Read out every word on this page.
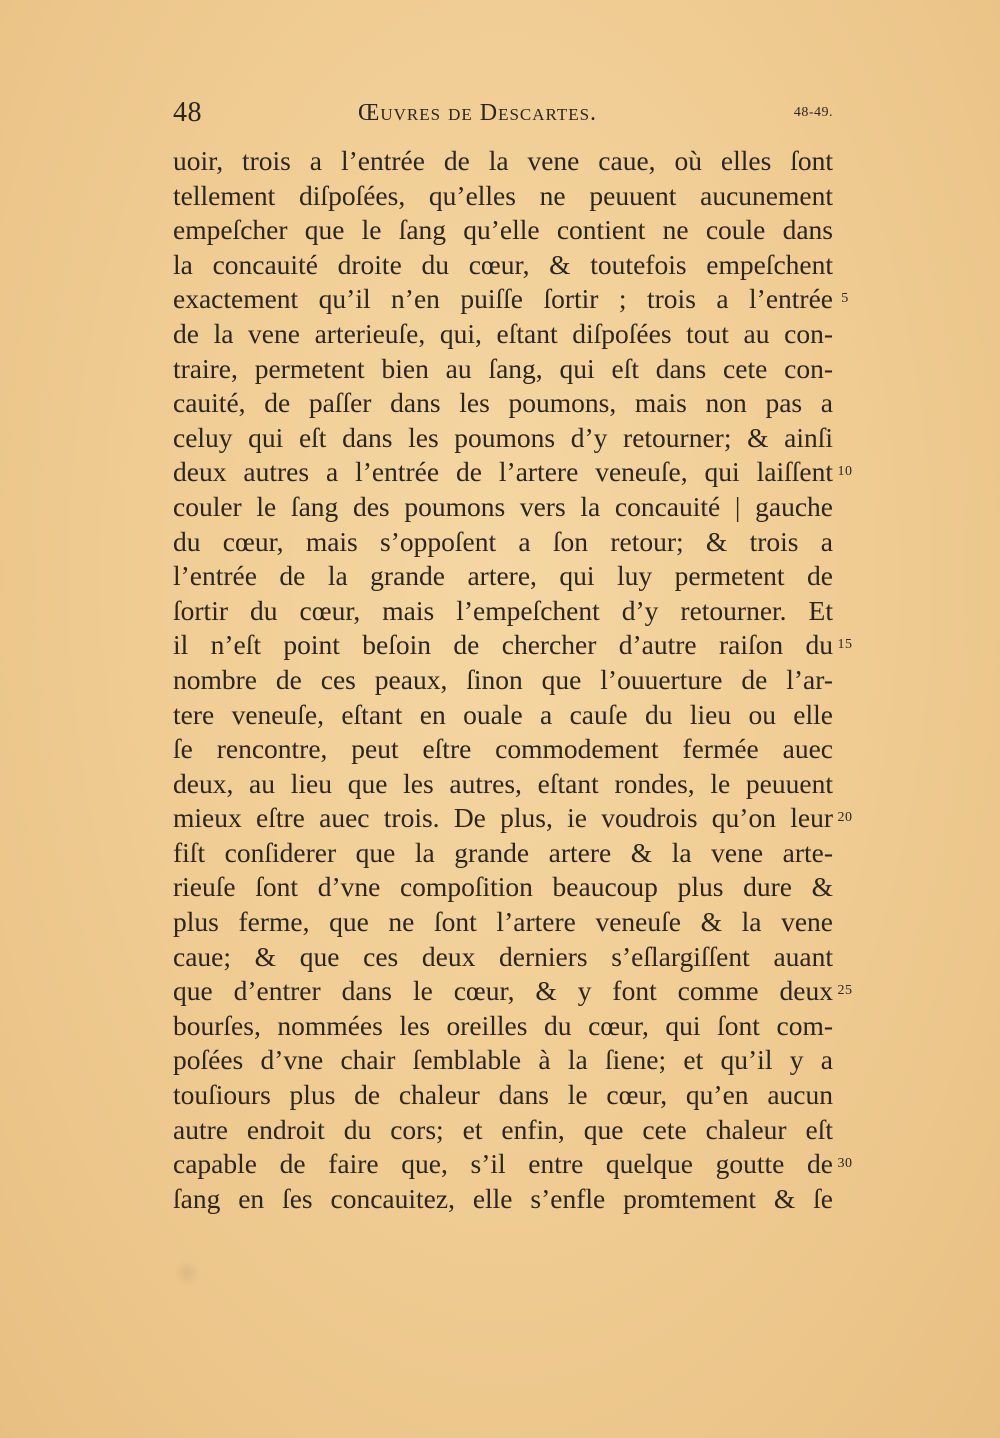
48	Œuvres de Descartes.	48-49.
uoir, trois a l’entrée de la vene caue, où elles ſont
tellement diſpoſées, qu’elles ne peuuent aucunement
empeſcher que le ſang qu’elle contient ne coule dans
la concauité droite du cœur, & toutefois empeſchent
exactement qu’il n’en puiſſe ſortir ; trois a l’entrée
de la vene arterieuſe, qui, eſtant diſpoſées tout au con-
traire, permetent bien au ſang, qui eſt dans cete con-
cauité, de paſſer dans les poumons, mais non pas a
celuy qui eſt dans les poumons d’y retourner; & ainſi
deux autres a l’entrée de l’artere veneuſe, qui laiſſent
couler le ſang des poumons vers la concauité | gauche
du cœur, mais s’oppoſent a ſon retour; & trois a
l’entrée de la grande artere, qui luy permetent de
ſortir du cœur, mais l’empeſchent d’y retourner. Et
il n’eſt point beſoin de chercher d’autre raiſon du
nombre de ces peaux, ſinon que l’ouuerture de l’ar-
tere veneuſe, eſtant en ouale a cauſe du lieu ou elle
ſe rencontre, peut eſtre commodement fermée auec
deux, au lieu que les autres, eſtant rondes, le peuuent
mieux eſtre auec trois. De plus, ie voudrois qu’on leur
fiſt conſiderer que la grande artere & la vene arte-
rieuſe ſont d’vne compoſition beaucoup plus dure &
plus ferme, que ne ſont l’artere veneuſe & la vene
caue; & que ces deux derniers s’eſlargiſſent auant
que d’entrer dans le cœur, & y font comme deux
bourſes, nommées les oreilles du cœur, qui ſont com-
poſées d’vne chair ſemblable à la ſiene; et qu’il y a
touſiours plus de chaleur dans le cœur, qu’en aucun
autre endroit du cors; et enfin, que cete chaleur eſt
capable de faire que, s’il entre quelque goutte de
ſang en ſes concauitez, elle s’enfle promtement & ſe
5
10
15
20
25
30
